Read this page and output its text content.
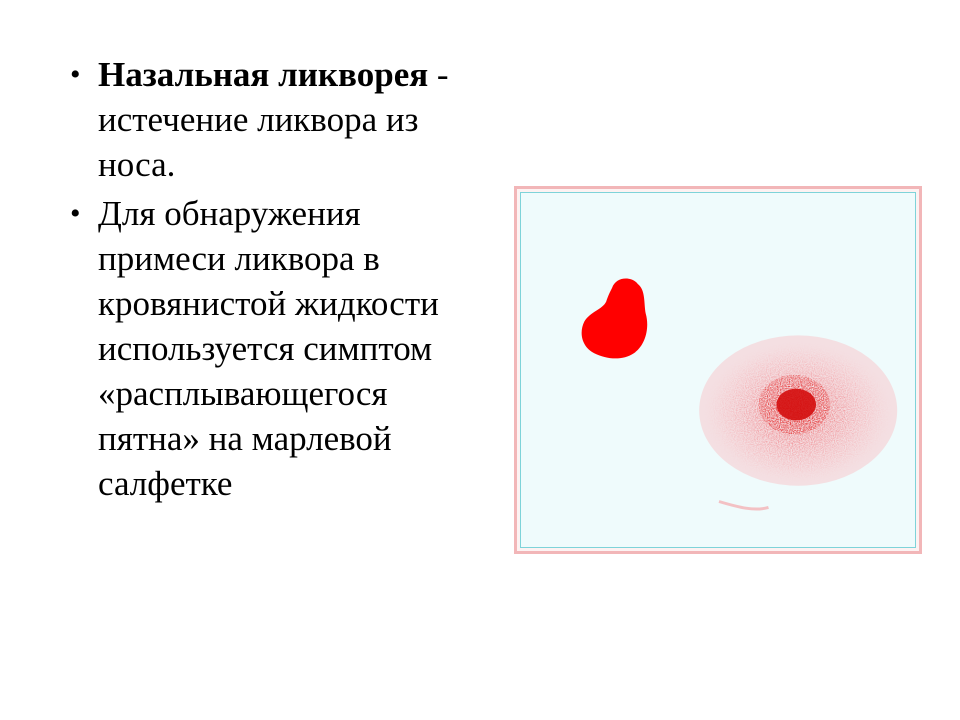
• Назальная ликворея -
истечение ликвора из носа.
• Для обнаружения примеси ликвора в кровянистой жидкости используется симптом «расплывающегося пятна» на марлевой салфетке
